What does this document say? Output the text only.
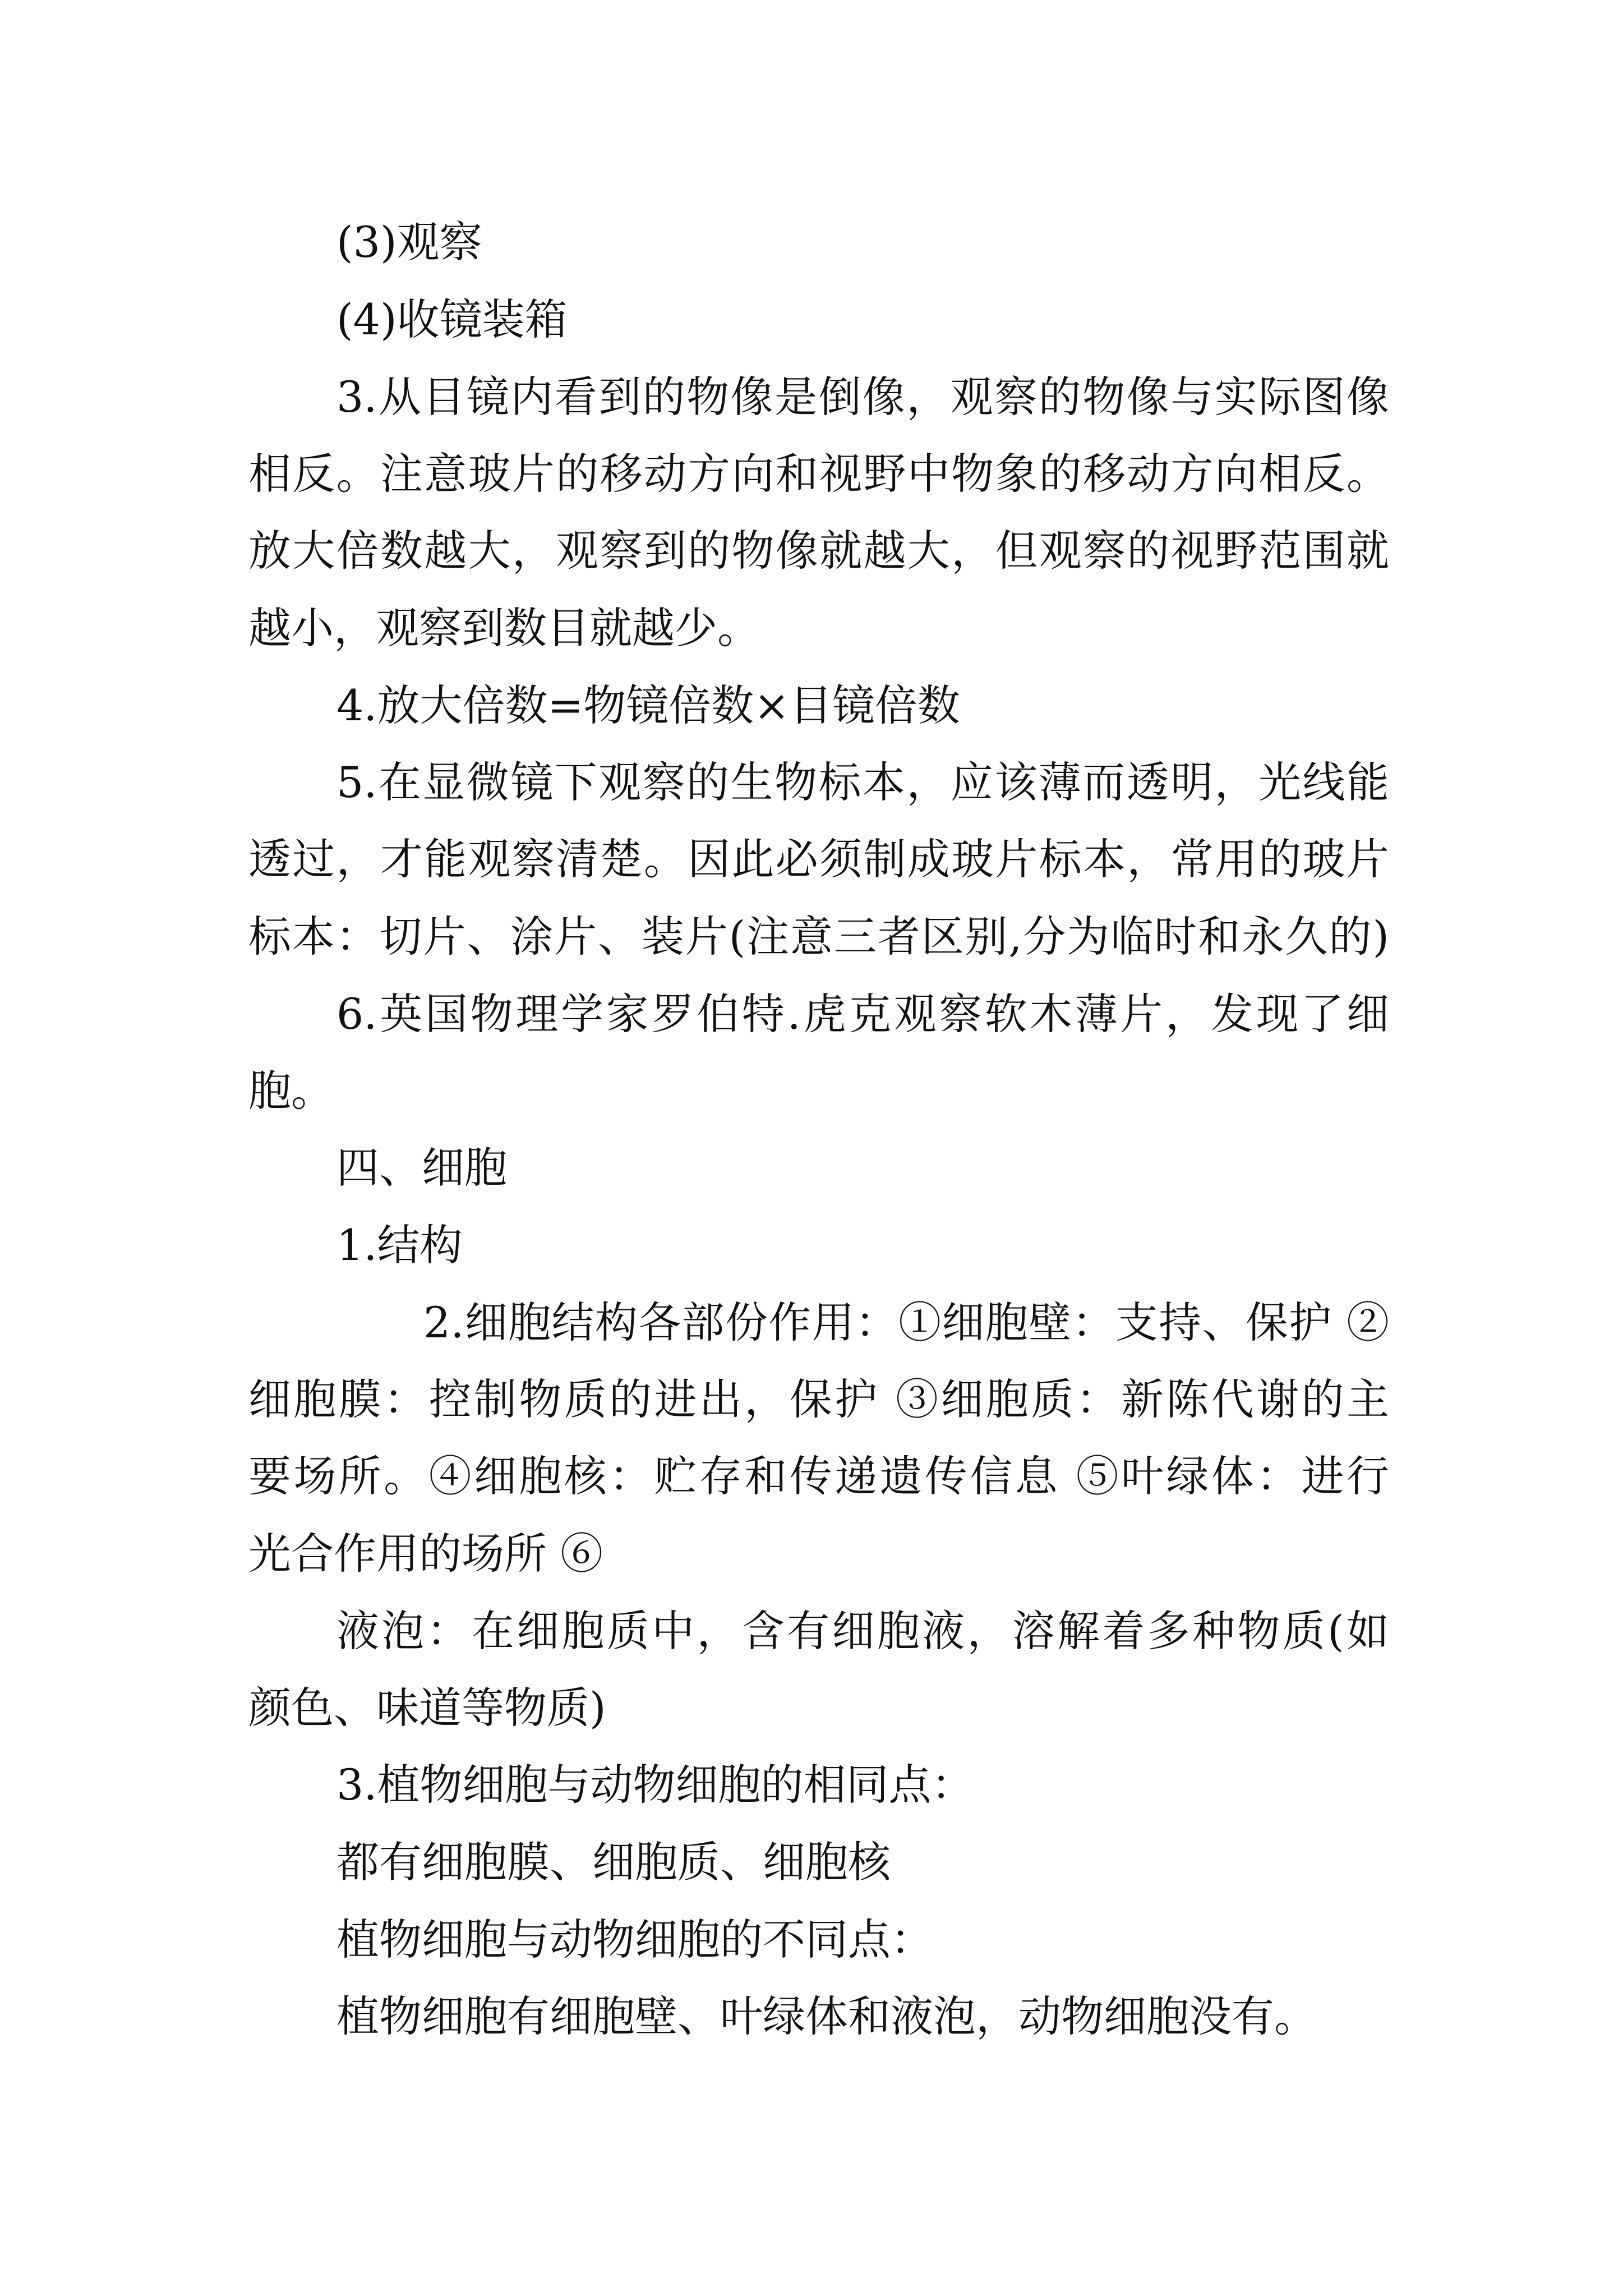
(3)观察

(4)收镜装箱

3.从目镜内看到的物像是倒像，观察的物像与实际图像

相反。注意玻片的移动方向和视野中物象的移动方向相反。

放大倍数越大，观察到的物像就越大，但观察的视野范围就

越小，观察到数目就越少。

4.放大倍数=物镜倍数×目镜倍数

5.在显微镜下观察的生物标本，应该薄而透明，光线能

透过，才能观察清楚。因此必须制成玻片标本，常用的玻片

标本：切片、涂片、装片(注意三者区别,分为临时和永久的)

6.英国物理学家罗伯特.虎克观察软木薄片，发现了细

胞。

四、细胞

1.结构

2.细胞结构各部份作用：①细胞壁：支持、保护 ②

细胞膜：控制物质的进出，保护 ③细胞质：新陈代谢的主

要场所。④细胞核：贮存和传递遗传信息 ⑤叶绿体：进行

光合作用的场所 ⑥

液泡：在细胞质中，含有细胞液，溶解着多种物质(如

颜色、味道等物质)

3.植物细胞与动物细胞的相同点：

都有细胞膜、细胞质、细胞核

植物细胞与动物细胞的不同点：

植物细胞有细胞壁、叶绿体和液泡，动物细胞没有。
